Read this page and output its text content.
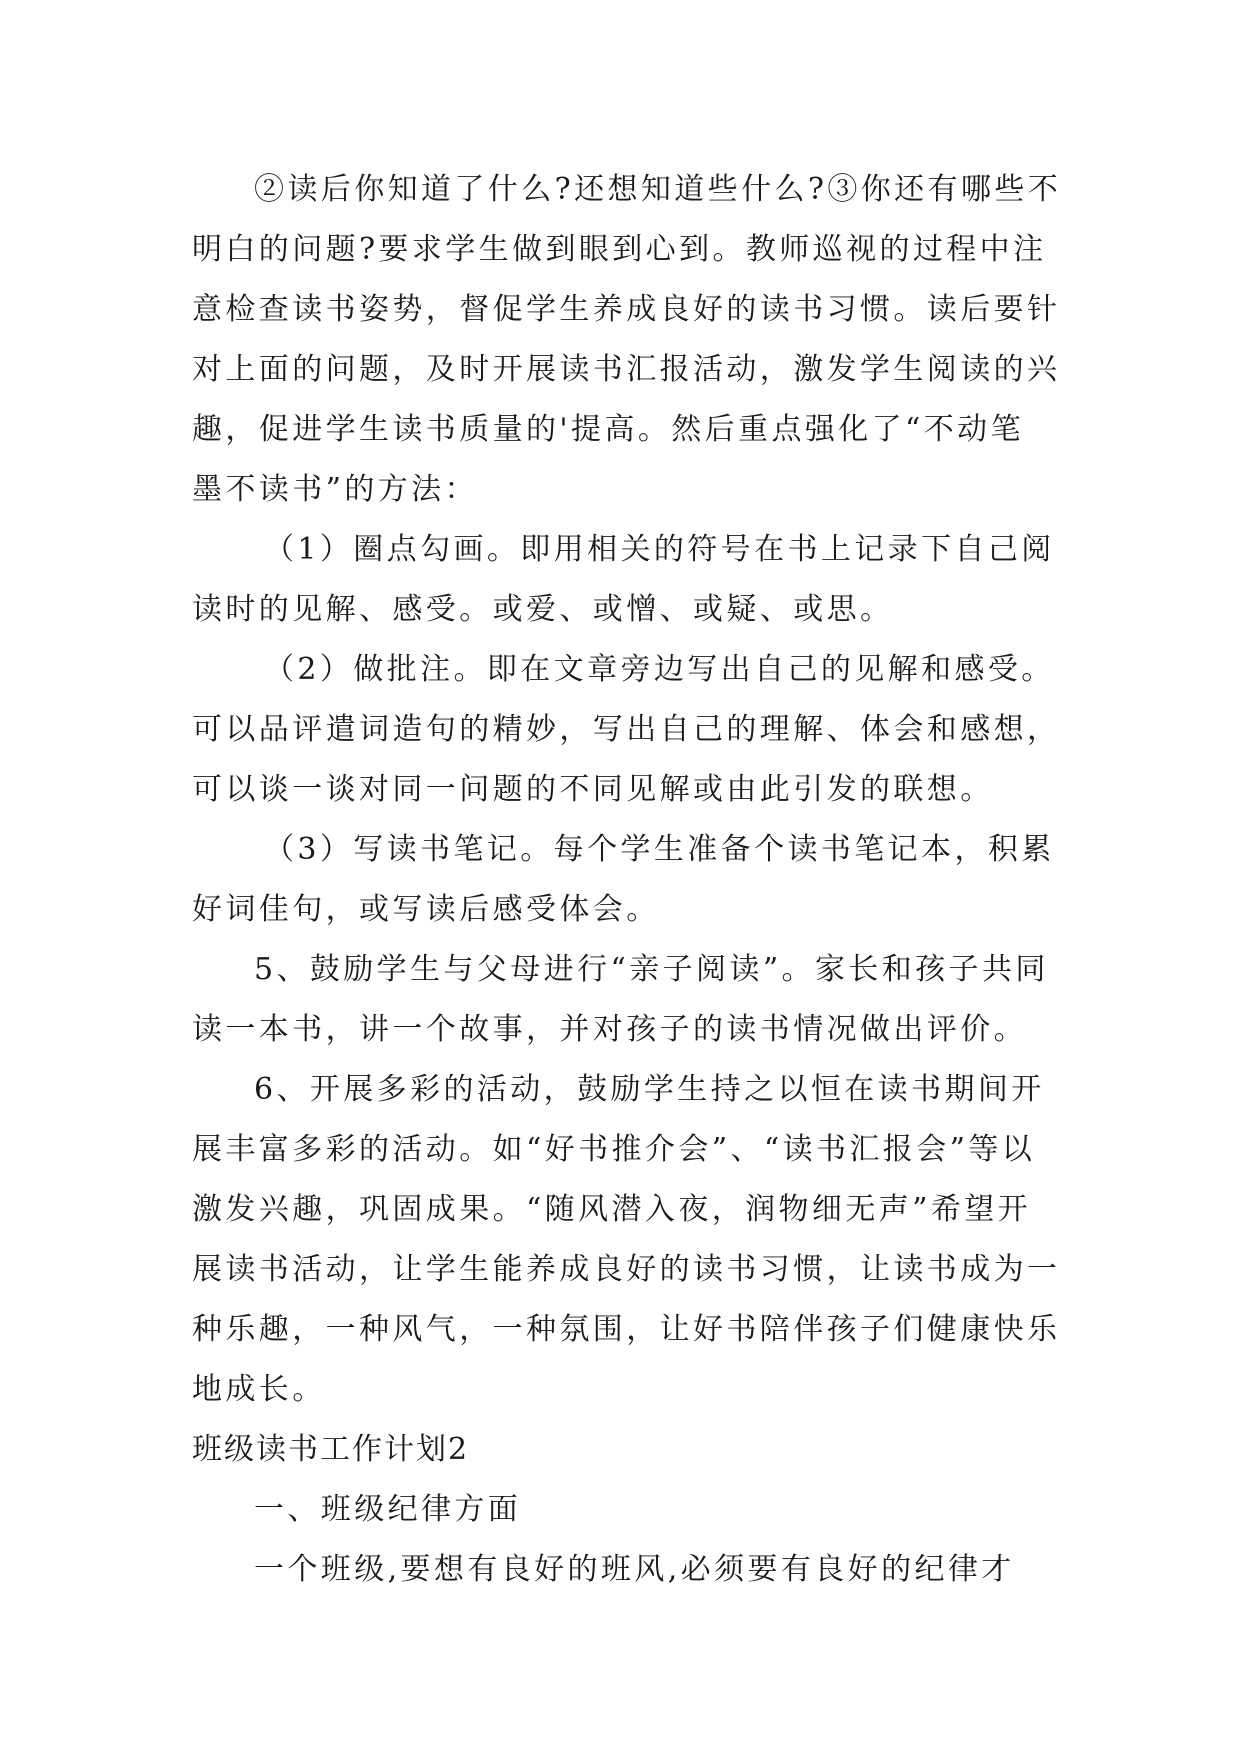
②读后你知道了什么?还想知道些什么?③你还有哪些不
明白的问题?要求学生做到眼到心到。教师巡视的过程中注
意检查读书姿势，督促学生养成良好的读书习惯。读后要针
对上面的问题，及时开展读书汇报活动，激发学生阅读的兴
趣，促进学生读书质量的'提高。然后重点强化了“不动笔
墨不读书”的方法：
（1）圈点勾画。即用相关的符号在书上记录下自己阅
读时的见解、感受。或爱、或憎、或疑、或思。
（2）做批注。即在文章旁边写出自己的见解和感受。
可以品评遣词造句的精妙，写出自己的理解、体会和感想，
可以谈一谈对同一问题的不同见解或由此引发的联想。
（3）写读书笔记。每个学生准备个读书笔记本，积累
好词佳句，或写读后感受体会。
5、鼓励学生与父母进行“亲子阅读”。家长和孩子共同
读一本书，讲一个故事，并对孩子的读书情况做出评价。
6、开展多彩的活动，鼓励学生持之以恒在读书期间开
展丰富多彩的活动。如“好书推介会”、“读书汇报会”等以
激发兴趣，巩固成果。“随风潜入夜，润物细无声”希望开
展读书活动，让学生能养成良好的读书习惯，让读书成为一
种乐趣，一种风气，一种氛围，让好书陪伴孩子们健康快乐
地成长。
班级读书工作计划2
一、班级纪律方面
一个班级,要想有良好的班风,必须要有良好的纪律才
